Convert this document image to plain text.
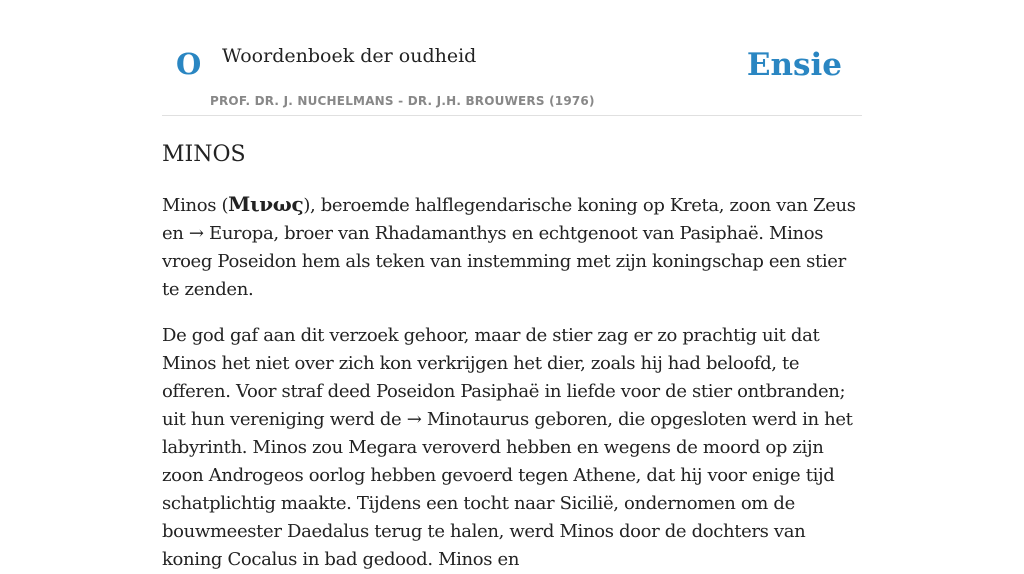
O Woordenboek der oudheid
PROF. DR. J. NUCHELMANS - DR. J.H. BROUWERS (1976)
Ensie
MINOS

Minos (Μινως), beroemde halflegendarische koning op Kreta, zoon van Zeus en → Europa, broer van Rhadamanthys en echtgenoot van Pasiphaë. Minos vroeg Poseidon hem als teken van instemming met zijn koningschap een stier te zenden.

De god gaf aan dit verzoek gehoor, maar de stier zag er zo prachtig uit dat Minos het niet over zich kon verkrijgen het dier, zoals hij had beloofd, te offeren. Voor straf deed Poseidon Pasiphaë in liefde voor de stier ontbranden; uit hun vereniging werd de → Minotaurus geboren, die opgesloten werd in het labyrinth. Minos zou Megara veroverd hebben en wegens de moord op zijn zoon Androgeos oorlog hebben gevoerd tegen Athene, dat hij voor enige tijd schatplichtig maakte. Tijdens een tocht naar Sicilië, ondernomen om de bouwmeester Daedalus terug te halen, werd Minos door de dochters van koning Cocalus in bad gedood. Minos en
